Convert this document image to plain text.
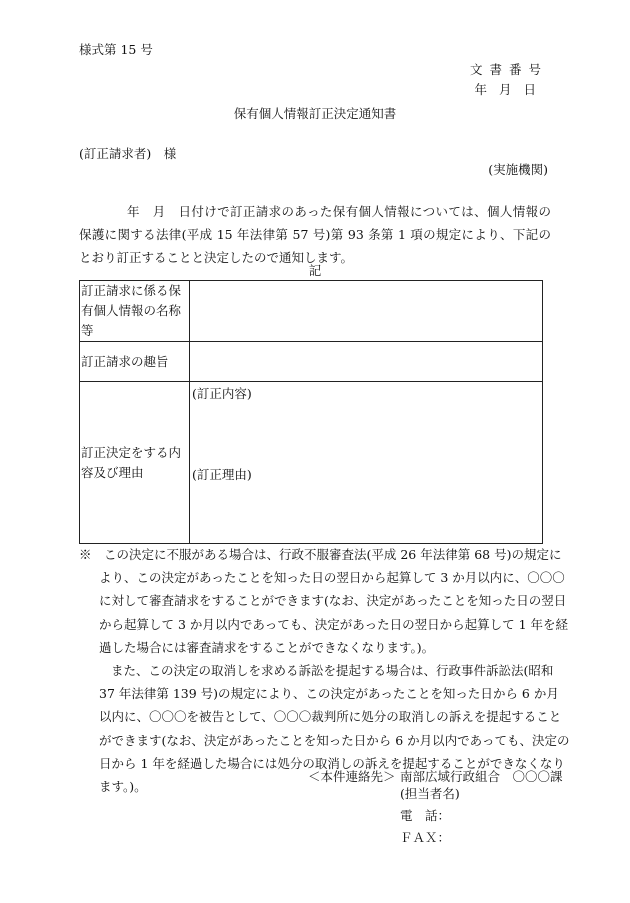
様式第 15 号
文書番号
年月日
保有個人情報訂正決定通知書
(訂正請求者)　様
(実施機関)
年　月　日付けで訂正請求のあった保有個人情報については、個人情報の保護に関する法律(平成 15 年法律第 57 号)第 93 条第 1 項の規定により、下記のとおり訂正することと決定したので通知します。
記
訂正請求に係る保有個人情報の名称等	
訂正請求の趣旨	
訂正決定をする内容及び理由	(訂正内容)
(訂正理由)
※　この決定に不服がある場合は、行政不服審査法(平成 26 年法律第 68 号)の規定により、この決定があったことを知った日の翌日から起算して 3 か月以内に、〇〇〇に対して審査請求をすることができます(なお、決定があったことを知った日の翌日から起算して 3 か月以内であっても、決定があった日の翌日から起算して 1 年を経過した場合には審査請求をすることができなくなります。)。
また、この決定の取消しを求める訴訟を提起する場合は、行政事件訴訟法(昭和 37 年法律第 139 号)の規定により、この決定があったことを知った日から 6 か月以内に、〇〇〇を被告として、〇〇〇裁判所に処分の取消しの訴えを提起することができます(なお、決定があったことを知った日から 6 か月以内であっても、決定の日から 1 年を経過した場合には処分の取消しの訴えを提起することができなくなります。)。
＜本件連絡先＞ 南部広域行政組合　〇〇〇課
(担当者名)
電　話：
ＦＡＸ：
